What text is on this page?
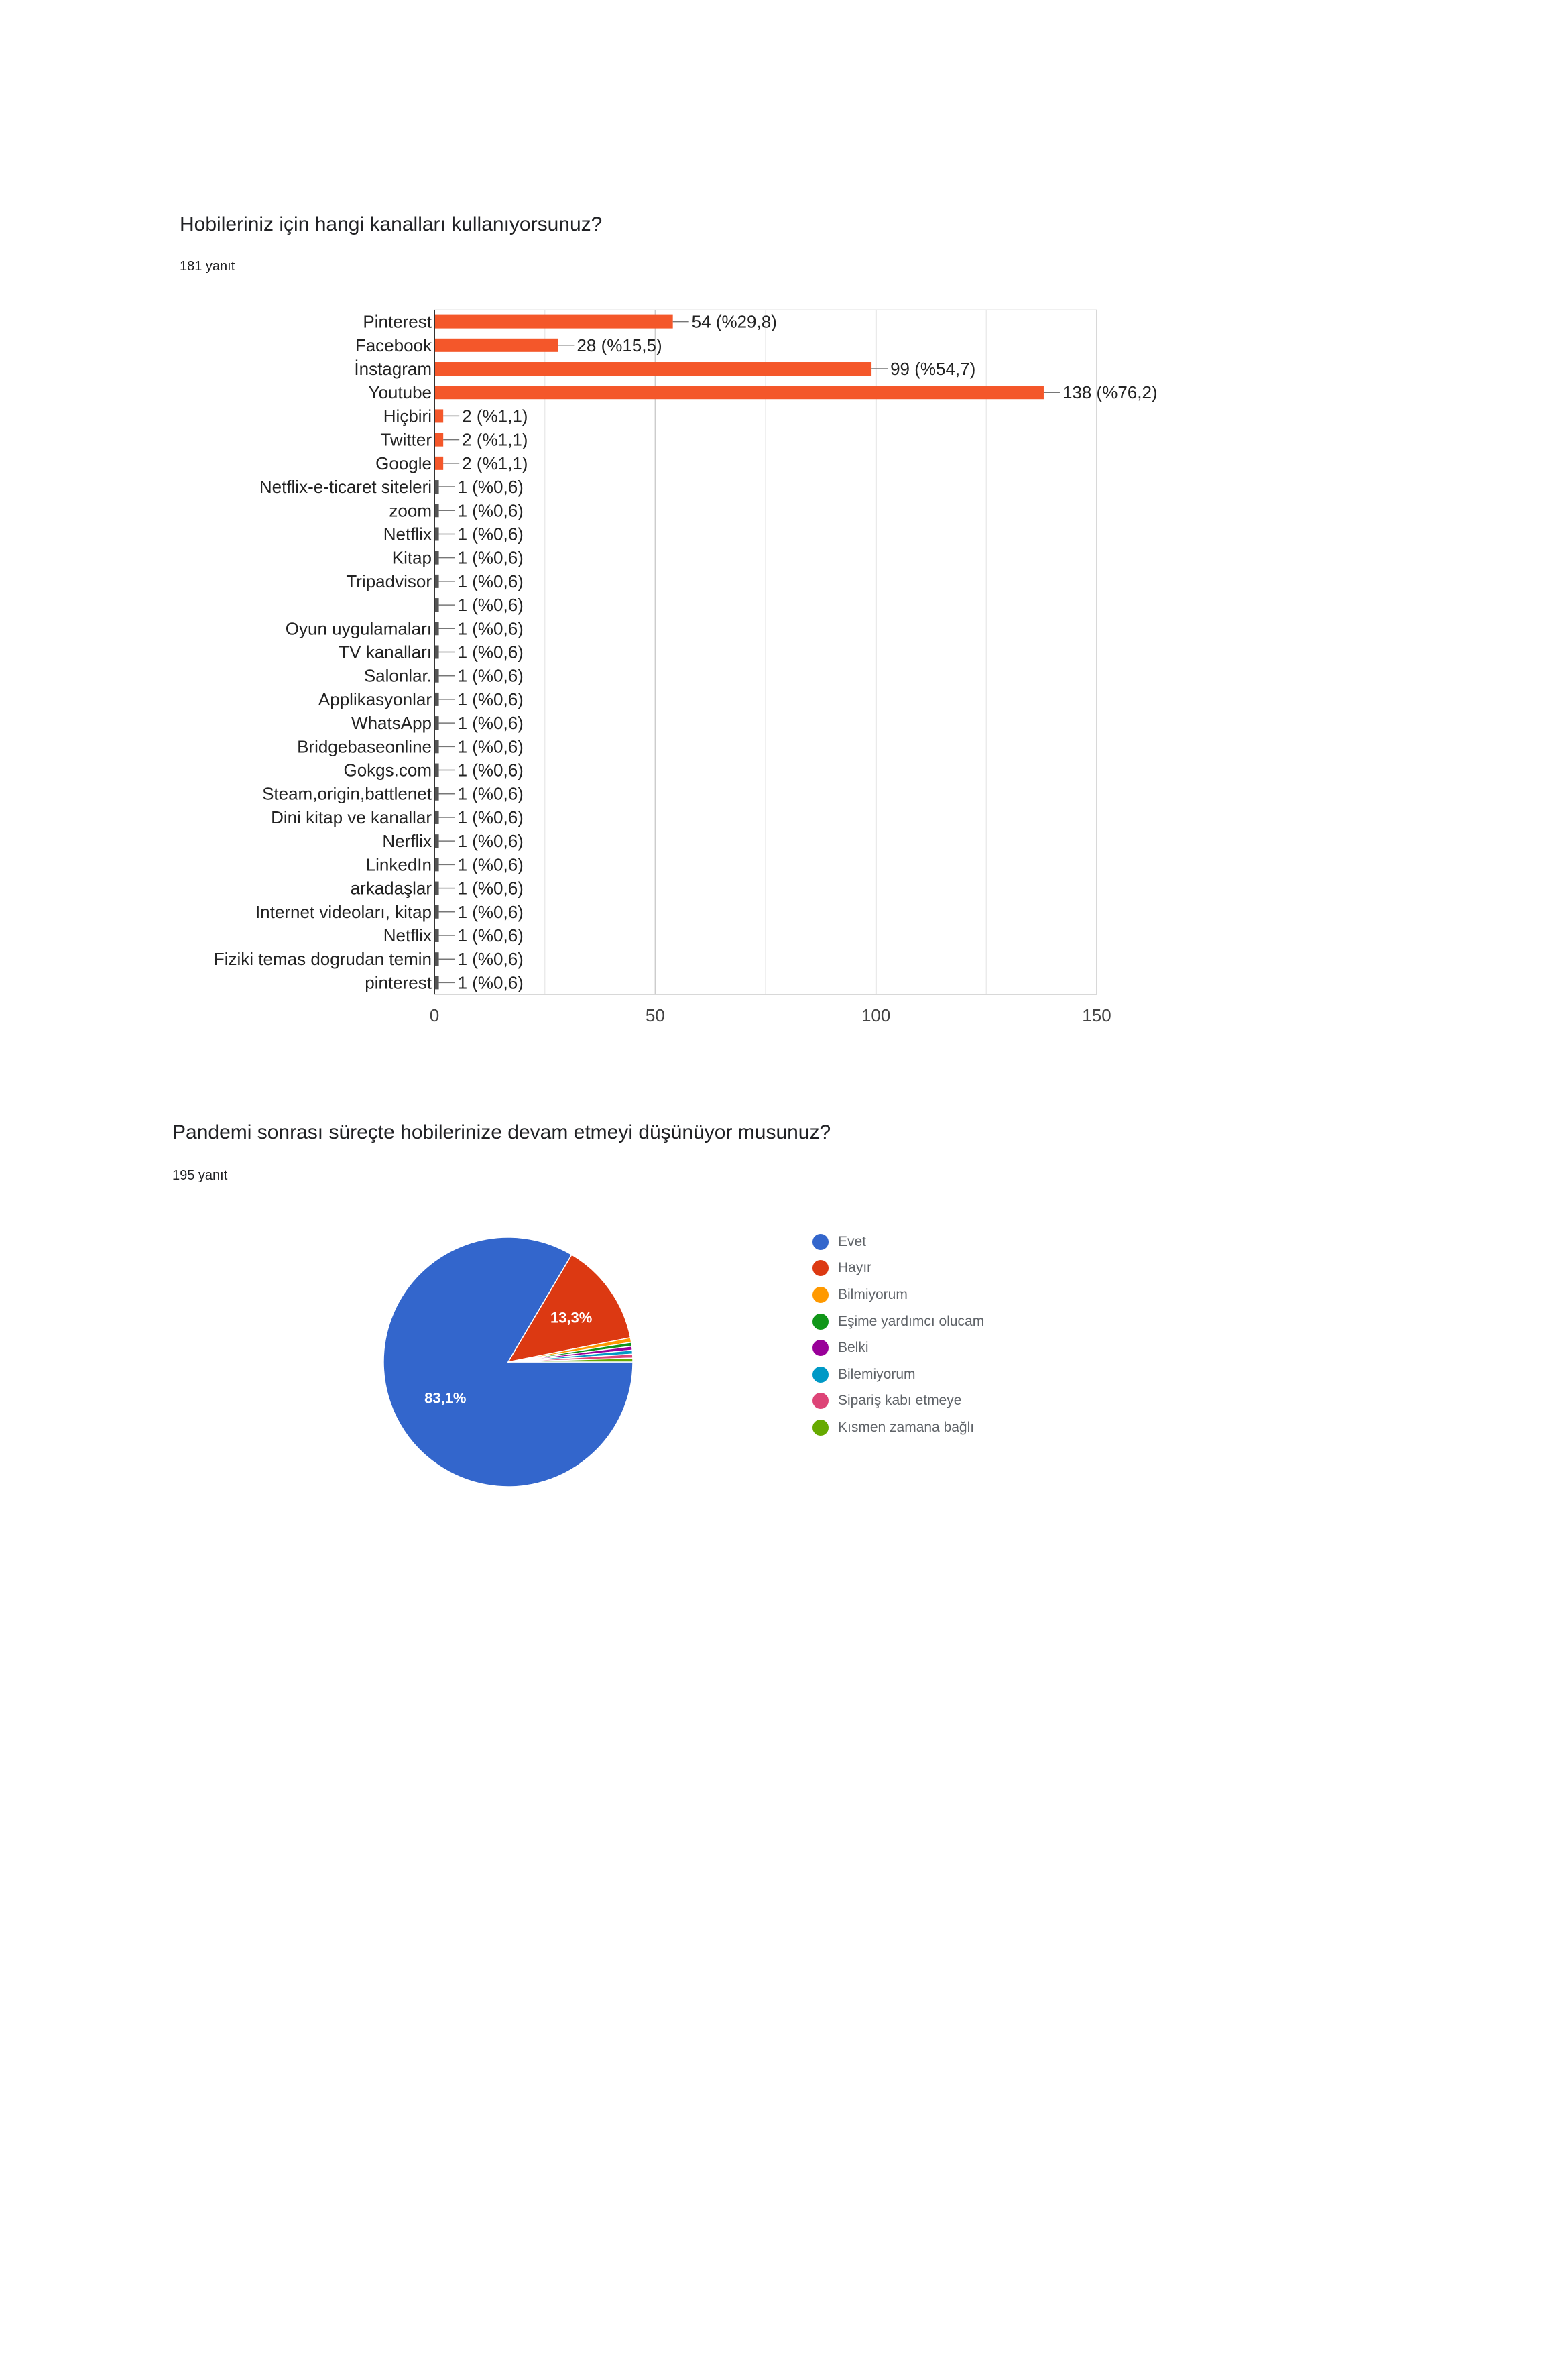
Hobileriniz için hangi kanalları kullanıyorsunuz?
181 yanıt
0	50	100	150
54 (%29,8)
Pinterest
28 (%15,5)
Facebook
99 (%54,7)
İnstagram
138 (%76,2)
Youtube
2 (%1,1)
Hiçbiri
2 (%1,1)
Twitter
2 (%1,1)
Google
1 (%0,6)
Netflix-e-ticaret siteleri
1 (%0,6)
zoom
1 (%0,6)
Netflix
1 (%0,6)
Kitap
1 (%0,6)
Tripadvisor
1 (%0,6)
1 (%0,6)
Oyun uygulamaları
1 (%0,6)
TV kanalları
1 (%0,6)
Salonlar.
1 (%0,6)
Applikasyonlar
1 (%0,6)
WhatsApp
1 (%0,6)
Bridgebaseonline
1 (%0,6)
Gokgs.com
1 (%0,6)
Steam,origin,battlenet
1 (%0,6)
Dini kitap ve kanallar
1 (%0,6)
Nerflix
1 (%0,6)
LinkedIn
1 (%0,6)
arkadaşlar
1 (%0,6)
Internet videoları, kitap
1 (%0,6)
Netflix
1 (%0,6)
Fiziki temas dogrudan temin
1 (%0,6)
pinterest
Pandemi sonrası süreçte hobilerinize devam etmeyi düşünüyor musunuz?
195 yanıt
83,1%
13,3%
Evet
Hayır
Bilmiyorum
Eşime yardımcı olucam
Belki
Bilemiyorum
Sipariş kabı etmeye
Kısmen zamana bağlı
